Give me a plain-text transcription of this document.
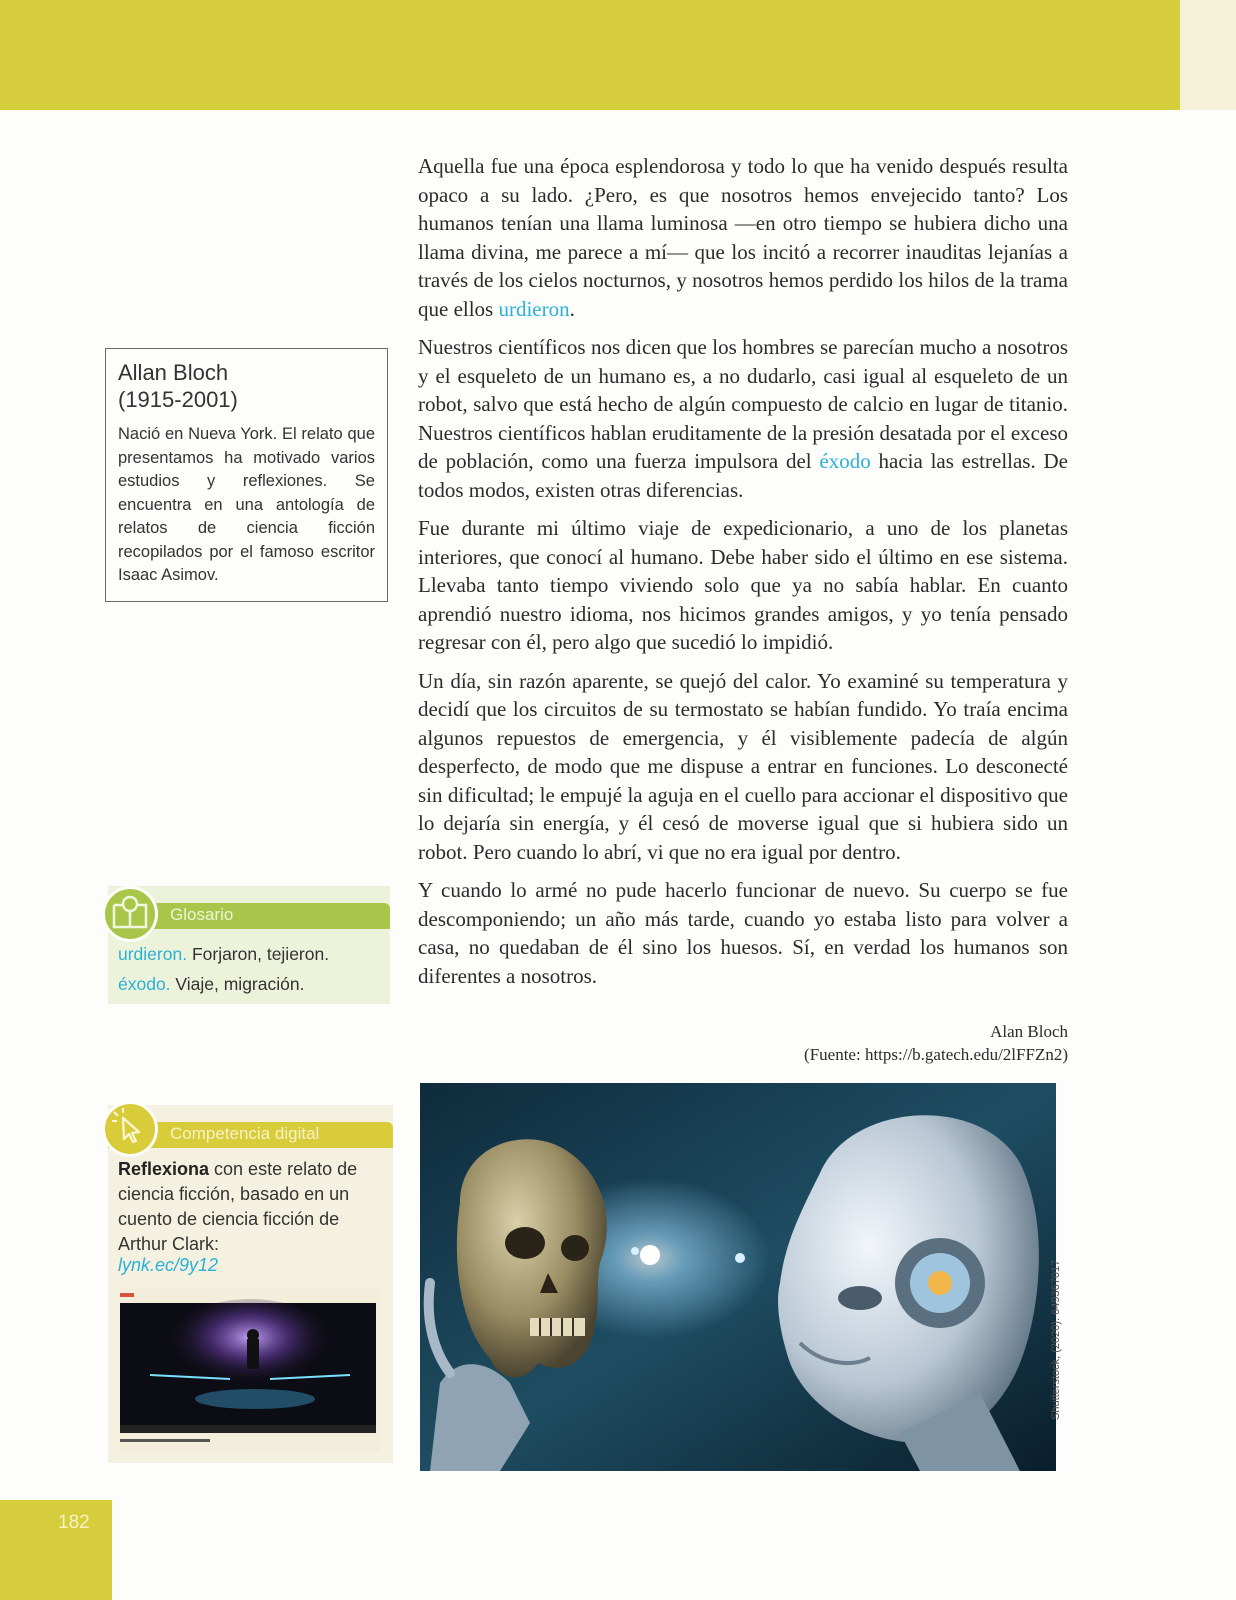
Aquella fue una época esplendorosa y todo lo que ha venido después resulta opaco a su lado. ¿Pero, es que nosotros hemos envejecido tanto? Los humanos tenían una llama luminosa —en otro tiempo se hubiera dicho una llama divina, me parece a mí— que los incitó a recorrer inauditas lejanías a través de los cielos nocturnos, y nosotros hemos perdido los hilos de la trama que ellos urdieron.

Nuestros científicos nos dicen que los hombres se parecían mucho a nosotros y el esqueleto de un humano es, a no dudarlo, casi igual al esqueleto de un robot, salvo que está hecho de algún compuesto de calcio en lugar de titanio. Nuestros científicos hablan eruditamente de la presión desatada por el exceso de población, como una fuerza impulsora del éxodo hacia las estrellas. De todos modos, existen otras diferencias.

Fue durante mi último viaje de expedicionario, a uno de los planetas interiores, que conocí al humano. Debe haber sido el último en ese sistema. Llevaba tanto tiempo viviendo solo que ya no sabía hablar. En cuanto aprendió nuestro idioma, nos hicimos grandes amigos, y yo tenía pensado regresar con él, pero algo que sucedió lo impidió.

Un día, sin razón aparente, se quejó del calor. Yo examiné su temperatura y decidí que los circuitos de su termostato se habían fundido. Yo traía encima algunos repuestos de emergencia, y él visiblemente padecía de algún desperfecto, de modo que me dispuse a entrar en funciones. Lo desconecté sin dificultad; le empujé la aguja en el cuello para accionar el dispositivo que lo dejaría sin energía, y él cesó de moverse igual que si hubiera sido un robot. Pero cuando lo abrí, vi que no era igual por dentro.

Y cuando lo armé no pude hacerlo funcionar de nuevo. Su cuerpo se fue descomponiendo; un año más tarde, cuando yo estaba listo para volver a casa, no quedaban de él sino los huesos. Sí, en verdad los humanos son diferentes a nosotros.

Alan Bloch
(Fuente: https://b.gatech.edu/2lFFZn2)
Allan Bloch
(1915-2001)
Nació en Nueva York. El relato que presentamos ha motivado varios estudios y reflexiones. Se encuentra en una antología de relatos de ciencia ficción recopilados por el famoso escritor Isaac Asimov.
Glosario
urdieron. Forjaron, tejieron.
éxodo. Viaje, migración.
Competencia digital
Reflexiona con este relato de ciencia ficción, basado en un cuento de ciencia ficción de Arthur Clark:
lynk.ec/9y12	Shutterstock, (2020). 649367017
182
